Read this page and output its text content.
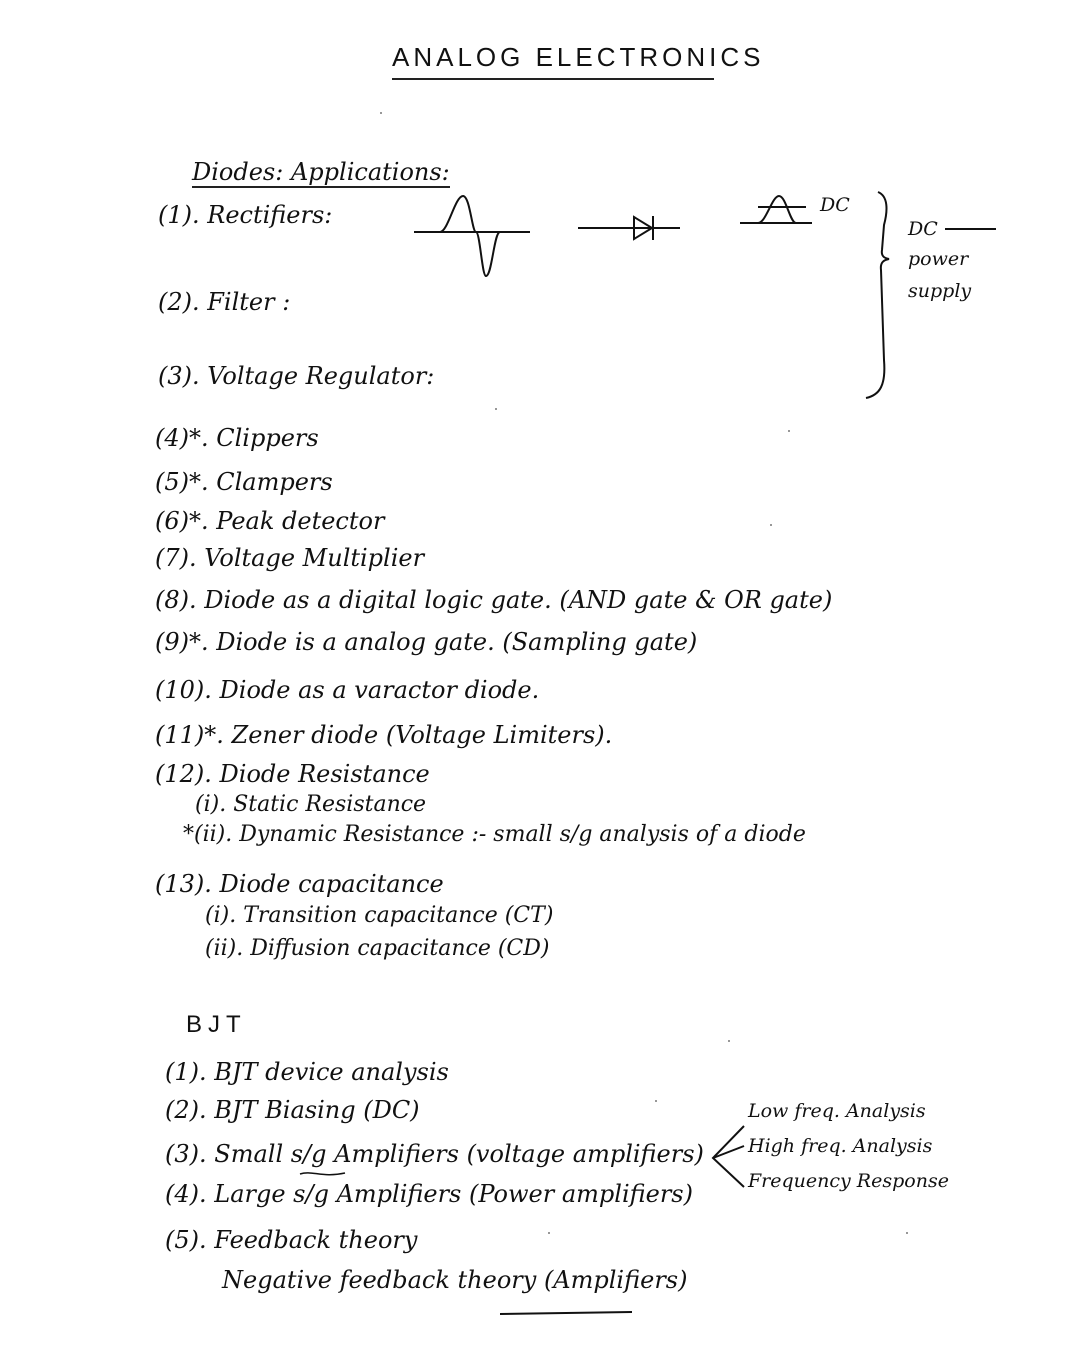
ANALOG ELECTRONICS
Diodes: Applications:
(1). Rectifiers:
(2). Filter :
(3). Voltage Regulator:
(4)*. Clippers
(5)*. Clampers
(6)*. Peak detector
(7). Voltage Multiplier
(8). Diode as a digital logic gate. (AND gate & OR gate)
(9)*. Diode is a analog gate. (Sampling gate)
(10). Diode as a varactor diode.
(11)*. Zener diode (Voltage Limiters).
(12). Diode Resistance
(i). Static Resistance
*(ii). Dynamic Resistance :- small s/g analysis of a diode
(13). Diode capacitance
(i). Transition capacitance (CT)
(ii). Diffusion capacitance (CD)
DC
DC
power
supply
BJT
(1). BJT device analysis
(2). BJT Biasing (DC)
(3). Small s/g Amplifiers (voltage amplifiers)
(4). Large s/g Amplifiers (Power amplifiers)
(5). Feedback theory
Negative feedback theory (Amplifiers)
Low freq. Analysis
High freq. Analysis
Frequency Response
